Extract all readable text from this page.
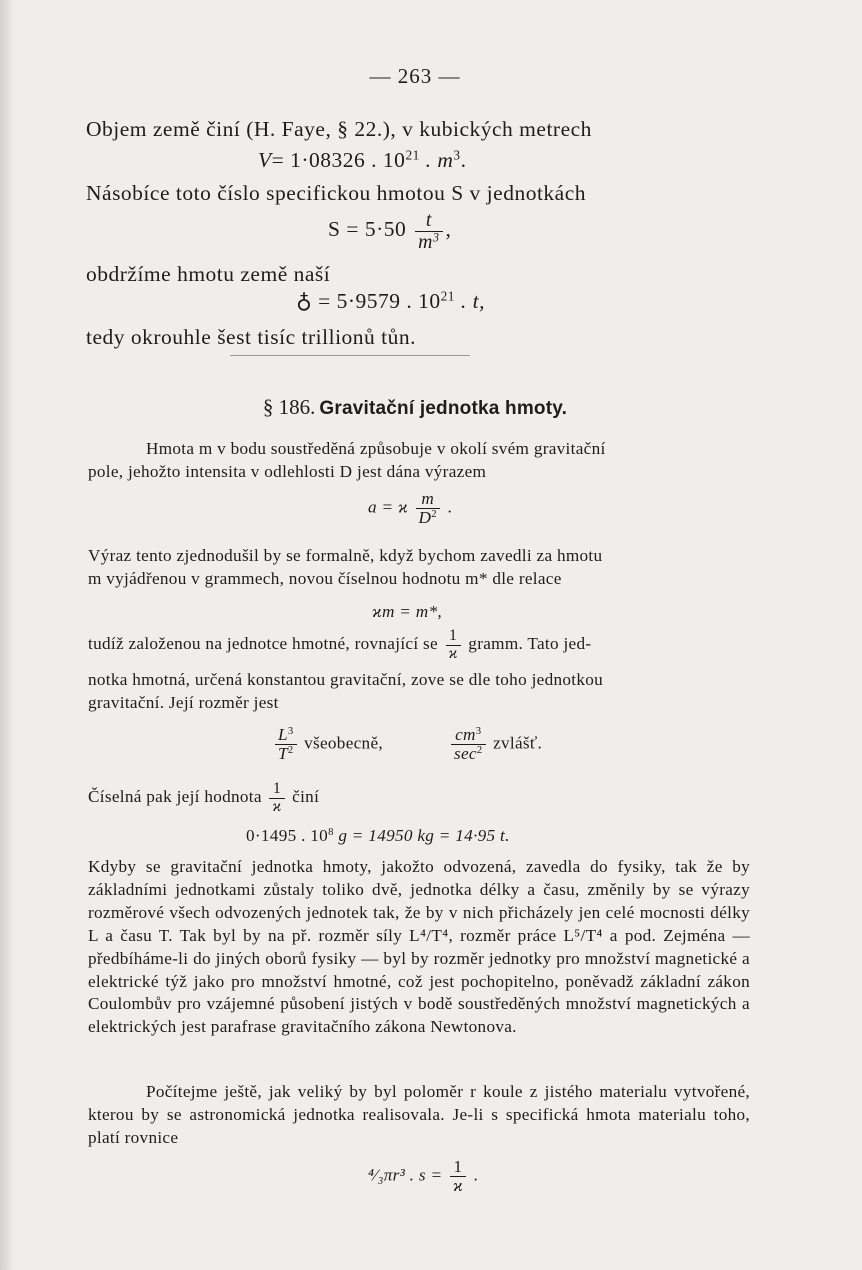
— 263 —
Objem země činí (H. Faye, § 22.), v kubických metrech
V= 1·08326 . $10^{21}$ . $m^3$.
Násobíce toto číslo specifickou hmotou S v jednotkách
$S = 5\cdot 50 \frac{t}{m^3}$ ,
obdržíme hmotu země naší
♁ = 5·9579 . $10^{21}$ . t,
tedy okrouhle šest tisíc trillionů tůn.
§ 186. Gravitační jednotka hmoty.
Hmota m v bodu soustředěná způsobuje v okolí svém gravitační
pole, jehožto intensita v odlehlosti D jest dána výrazem
a = ϰ $\frac{m}{D^2}$ .
Výraz tento zjednodušil by se formalně, když bychom zavedli za hmotu
m vyjádřenou v grammech, novou číselnou hodnotu m* dle relace
ϰm = m*,
tudíž založenou na jednotce hmotné, rovnající se $\frac{1}{ϰ}$ gramm. Tato jed-
notka hmotná, určená konstantou gravitační, zove se dle toho jednotkou
gravitační. Její rozměr jest
$\frac{L^3}{T^2}$ všeobecně,	$\frac{cm^3}{\sec^2}$ zvlášť.
Číselná pak její hodnota $\frac{1}{ϰ}$ činí
0·1495 . $10^8$ g = 14950 kg = 14·95 t.
Kdyby se gravitační jednotka hmoty, jakožto odvozená, zavedla do fysiky, tak že by základními jednotkami zůstaly toliko dvě, jednotka délky a času, změnily by se výrazy rozměrové všech odvozených jednotek tak, že by v nich přicházely jen celé mocnosti délky L a času T. Tak byl by na př. rozměr síly L⁴/T⁴, rozměr práce L⁵/T⁴ a pod. Zejména — předbíháme-li do jiných oborů fysiky — byl by rozměr jednotky pro množství magnetické a elektrické týž jako pro množství hmotné, což jest pochopitelno, poněvadž základní zákon Coulombův pro vzájemné působení jistých v bodě soustředěných množství magnetických a elektrických jest parafrase gravitačního zákona Newtonova.
Počítejme ještě, jak veliký by byl poloměr r koule z jistého materialu vytvořené, kterou by se astronomická jednotka realisovala. Je-li s specifická hmota materialu toho, platí rovnice
⁴⁄₃πr³ . $s = \frac{1}{ϰ}$ .
